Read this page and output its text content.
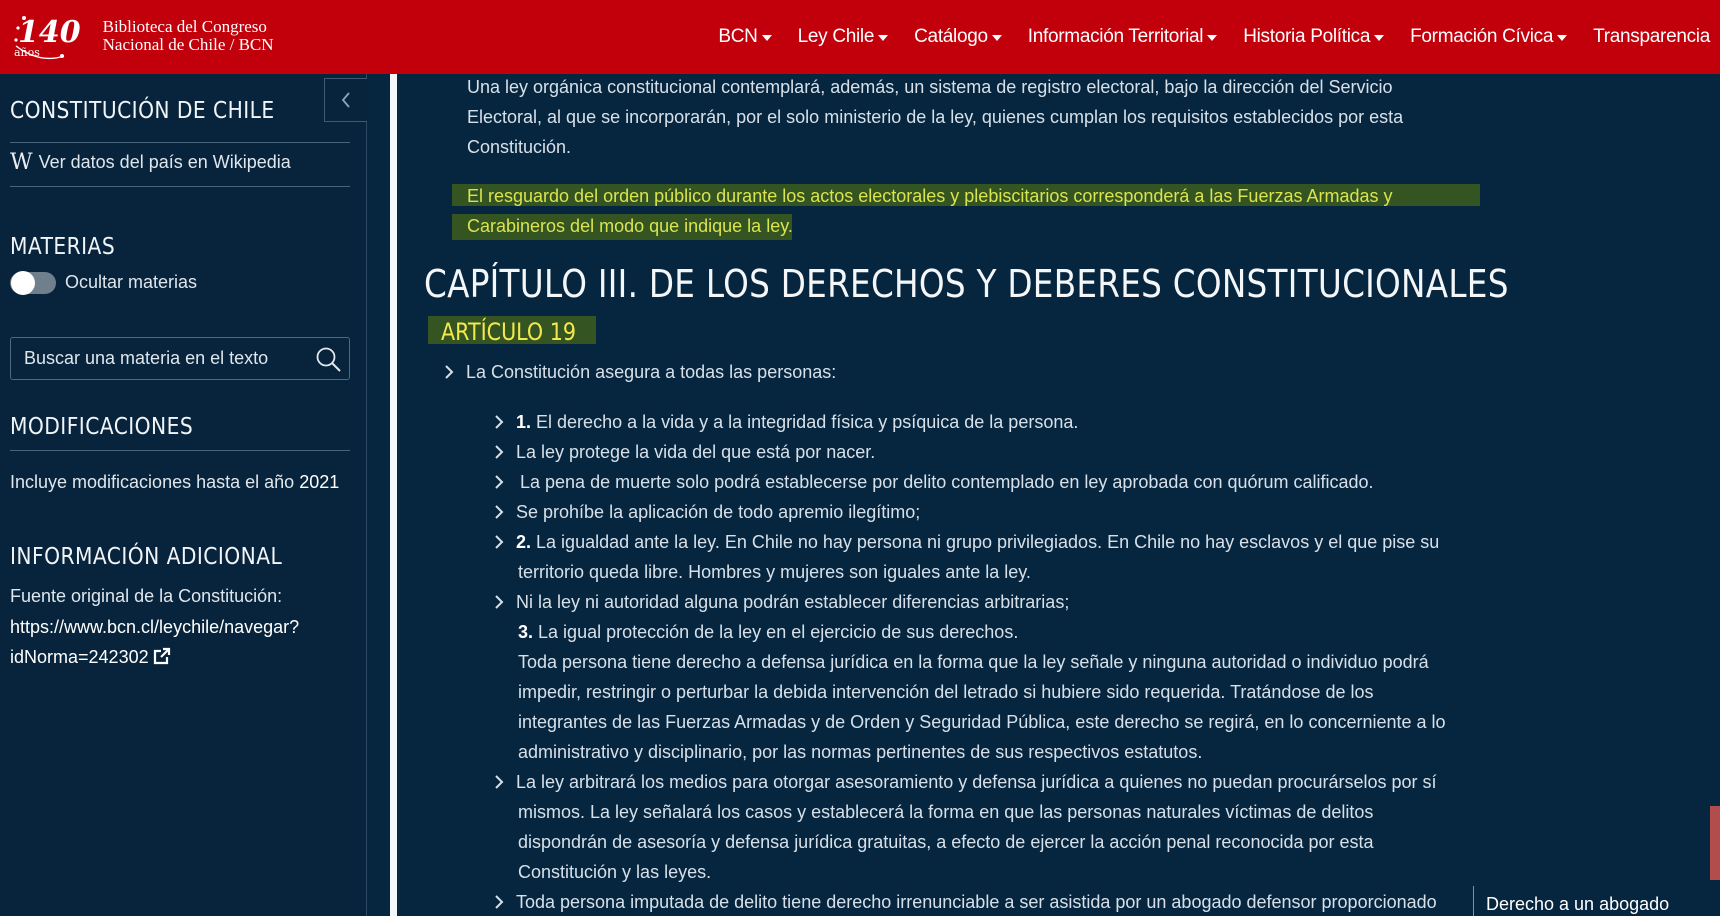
140
años
Biblioteca del Congreso
Nacional de Chile / BCN	BCN Ley Chile Catálogo Información Territorial Historia Política Formación Cívica Transparencia
CONSTITUCIÓN DE CHILE
W Ver datos del país en Wikipedia
MATERIAS
Ocultar materias
Buscar una materia en el texto
MODIFICACIONES
Incluye modificaciones hasta el año 2021
INFORMACIÓN ADICIONAL
Fuente original de la Constitución:
https://www.bcn.cl/leychile/navegar?
idNorma=242302
Una ley orgánica constitucional contemplará, además, un sistema de registro electoral, bajo la dirección del Servicio
Electoral, al que se incorporarán, por el solo ministerio de la ley, quienes cumplan los requisitos establecidos por esta
Constitución.
El resguardo del orden público durante los actos electorales y plebiscitarios corresponderá a las Fuerzas Armadas y
Carabineros del modo que indique la ley.
CAPÍTULO III. DE LOS DERECHOS Y DEBERES CONSTITUCIONALES
ARTÍCULO 19
La Constitución asegura a todas las personas:
1. El derecho a la vida y a la integridad física y psíquica de la persona.
La ley protege la vida del que está por nacer.
La pena de muerte solo podrá establecerse por delito contemplado en ley aprobada con quórum calificado.
Se prohíbe la aplicación de todo apremio ilegítimo;
2. La igualdad ante la ley. En Chile no hay persona ni grupo privilegiados. En Chile no hay esclavos y el que pise su
territorio queda libre. Hombres y mujeres son iguales ante la ley.
Ni la ley ni autoridad alguna podrán establecer diferencias arbitrarias;
3. La igual protección de la ley en el ejercicio de sus derechos.
Toda persona tiene derecho a defensa jurídica en la forma que la ley señale y ninguna autoridad o individuo podrá
impedir, restringir o perturbar la debida intervención del letrado si hubiere sido requerida. Tratándose de los
integrantes de las Fuerzas Armadas y de Orden y Seguridad Pública, este derecho se regirá, en lo concerniente a lo
administrativo y disciplinario, por las normas pertinentes de sus respectivos estatutos.
La ley arbitrará los medios para otorgar asesoramiento y defensa jurídica a quienes no puedan procurárselos por sí
mismos. La ley señalará los casos y establecerá la forma en que las personas naturales víctimas de delitos
dispondrán de asesoría y defensa jurídica gratuitas, a efecto de ejercer la acción penal reconocida por esta
Constitución y las leyes.
Toda persona imputada de delito tiene derecho irrenunciable a ser asistida por un abogado defensor proporcionado	Derecho a un abogado
